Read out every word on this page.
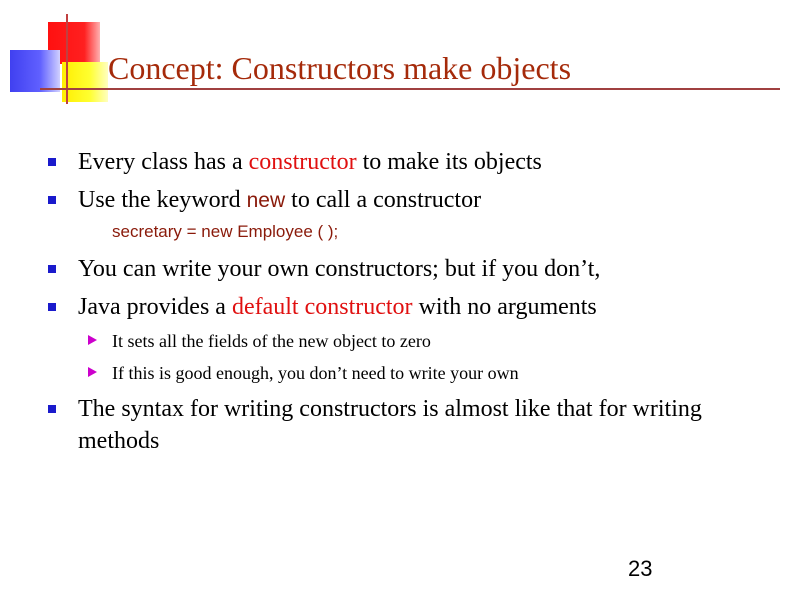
Concept: Constructors make objects
Every class has a constructor to make its objects
Use the keyword new to call a constructor
secretary = new Employee ( );
You can write your own constructors; but if you don’t,
Java provides a default constructor with no arguments
It sets all the fields of the new object to zero
If this is good enough, you don’t need to write your own
The syntax for writing constructors is almost like that for writing methods
23
